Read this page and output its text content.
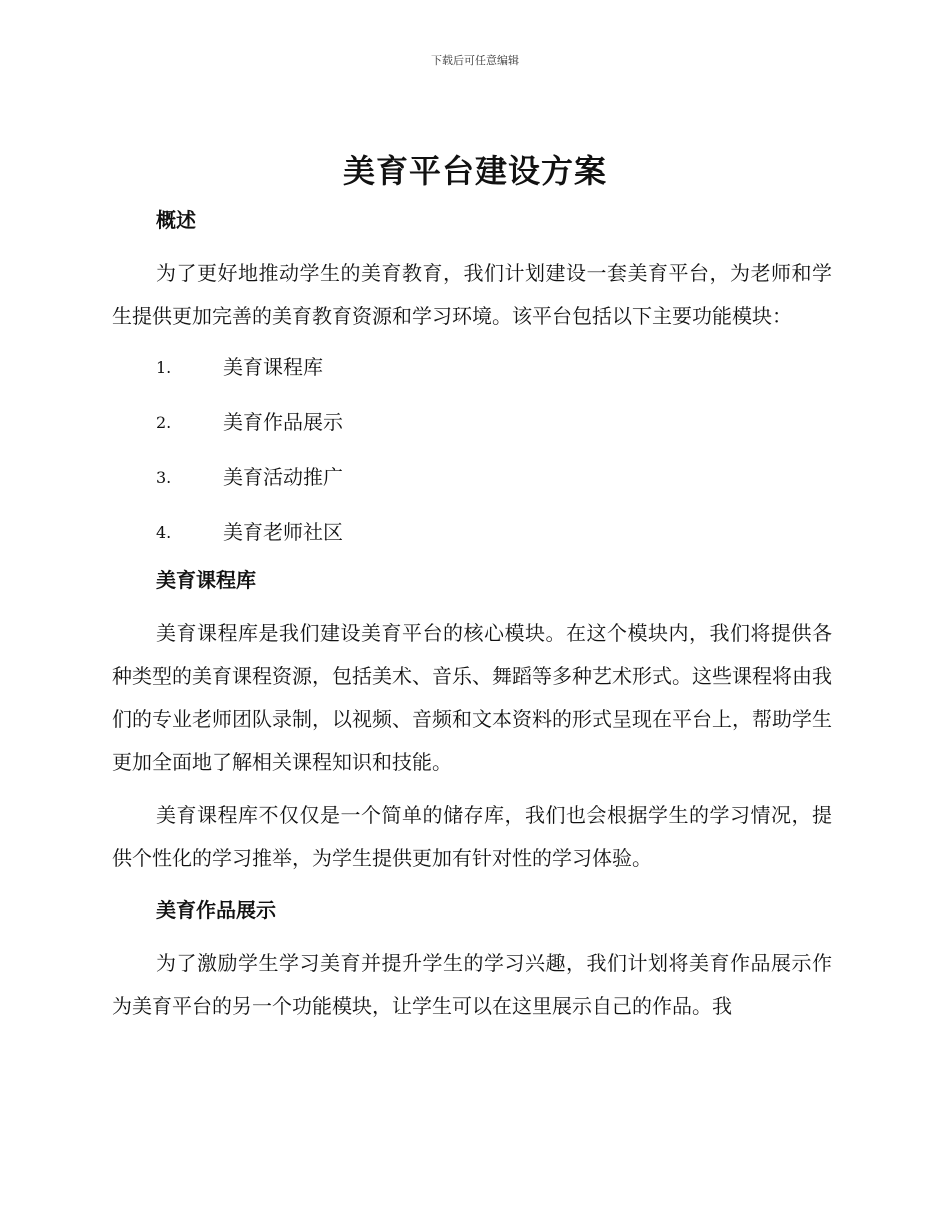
下载后可任意编辑
美育平台建设方案
概述

为了更好地推动学生的美育教育，我们计划建设一套美育平台，为老师和学生提供更加完善的美育教育资源和学习环境。该平台包括以下主要功能模块：

1.	美育课程库
2.	美育作品展示
3.	美育活动推广
4.	美育老师社区
美育课程库

美育课程库是我们建设美育平台的核心模块。在这个模块内，我们将提供各种类型的美育课程资源，包括美术、音乐、舞蹈等多种艺术形式。这些课程将由我们的专业老师团队录制，以视频、音频和文本资料的形式呈现在平台上，帮助学生更加全面地了解相关课程知识和技能。

美育课程库不仅仅是一个简单的储存库，我们也会根据学生的学习情况，提供个性化的学习推举，为学生提供更加有针对性的学习体验。

美育作品展示

为了激励学生学习美育并提升学生的学习兴趣，我们计划将美育作品展示作为美育平台的另一个功能模块，让学生可以在这里展示自己的作品。我
